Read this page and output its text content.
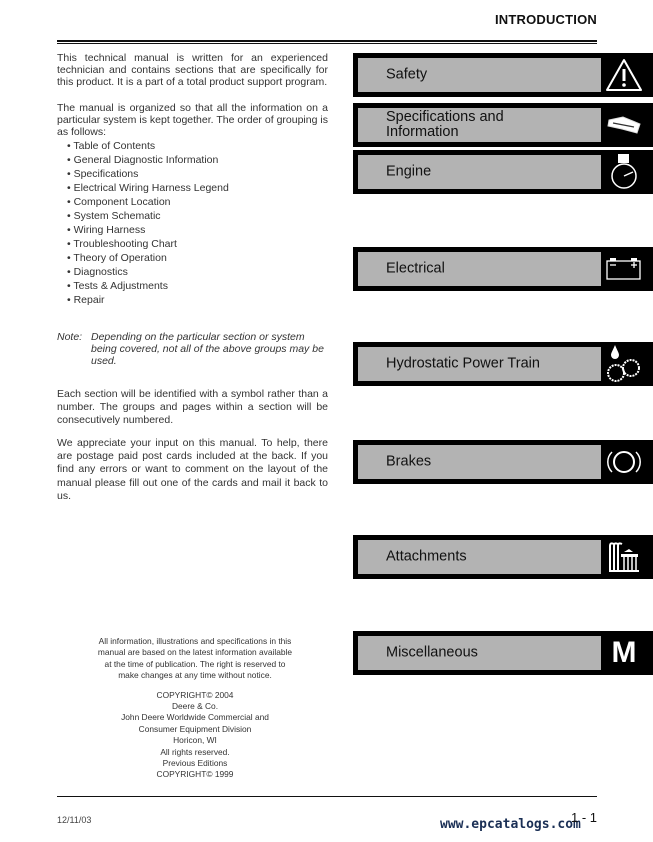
INTRODUCTION

This technical manual is written for an experienced technician and contains sections that are specifically for this product. It is a part of a total product support program.

The manual is organized so that all the information on a particular system is kept together. The order of grouping is as follows:

• Table of Contents
• General Diagnostic Information
• Specifications
• Electrical Wiring Harness Legend
• Component Location
• System Schematic
• Wiring Harness
• Troubleshooting Chart
• Theory of Operation
• Diagnostics
• Tests & Adjustments
• Repair
Note: Depending on the particular section or system being covered, not all of the above groups may be used.

Each section will be identified with a symbol rather than a number. The groups and pages within a section will be consecutively numbered.

We appreciate your input on this manual. To help, there are postage paid post cards included at the back. If you find any errors or want to comment on the layout of the manual please fill out one of the cards and mail it back to us.

All information, illustrations and specifications in this manual are based on the latest information available at the time of publication. The right is reserved to make changes at any time without notice.

COPYRIGHT© 2004
Deere & Co.
John Deere Worldwide Commercial and
Consumer Equipment Division
Horicon, WI
All rights reserved.
Previous Editions
COPYRIGHT© 1999
Safety
Specifications and Information
Engine
Electrical
Hydrostatic Power Train
Brakes
Attachments
Miscellaneous	M
12/11/03	www.epcatalogs.com
1 - 1
